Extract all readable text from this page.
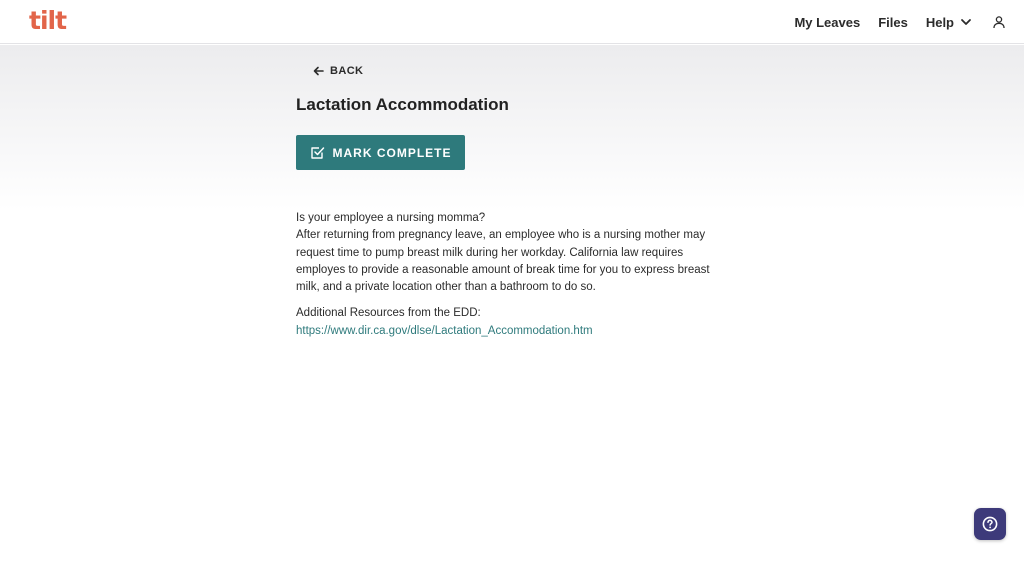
tilt	My Leaves Files Help
BACK
Lactation Accommodation
MARK COMPLETE

Is your employee a nursing momma?

After returning from pregnancy leave, an employee who is a nursing mother may request time to pump breast milk during her workday. California law requires employes to provide a reasonable amount of break time for you to express breast milk, and a private location other than a bathroom to do so.

Additional Resources from the EDD:

https://www.dir.ca.gov/dlse/Lactation_Accommodation.htm
